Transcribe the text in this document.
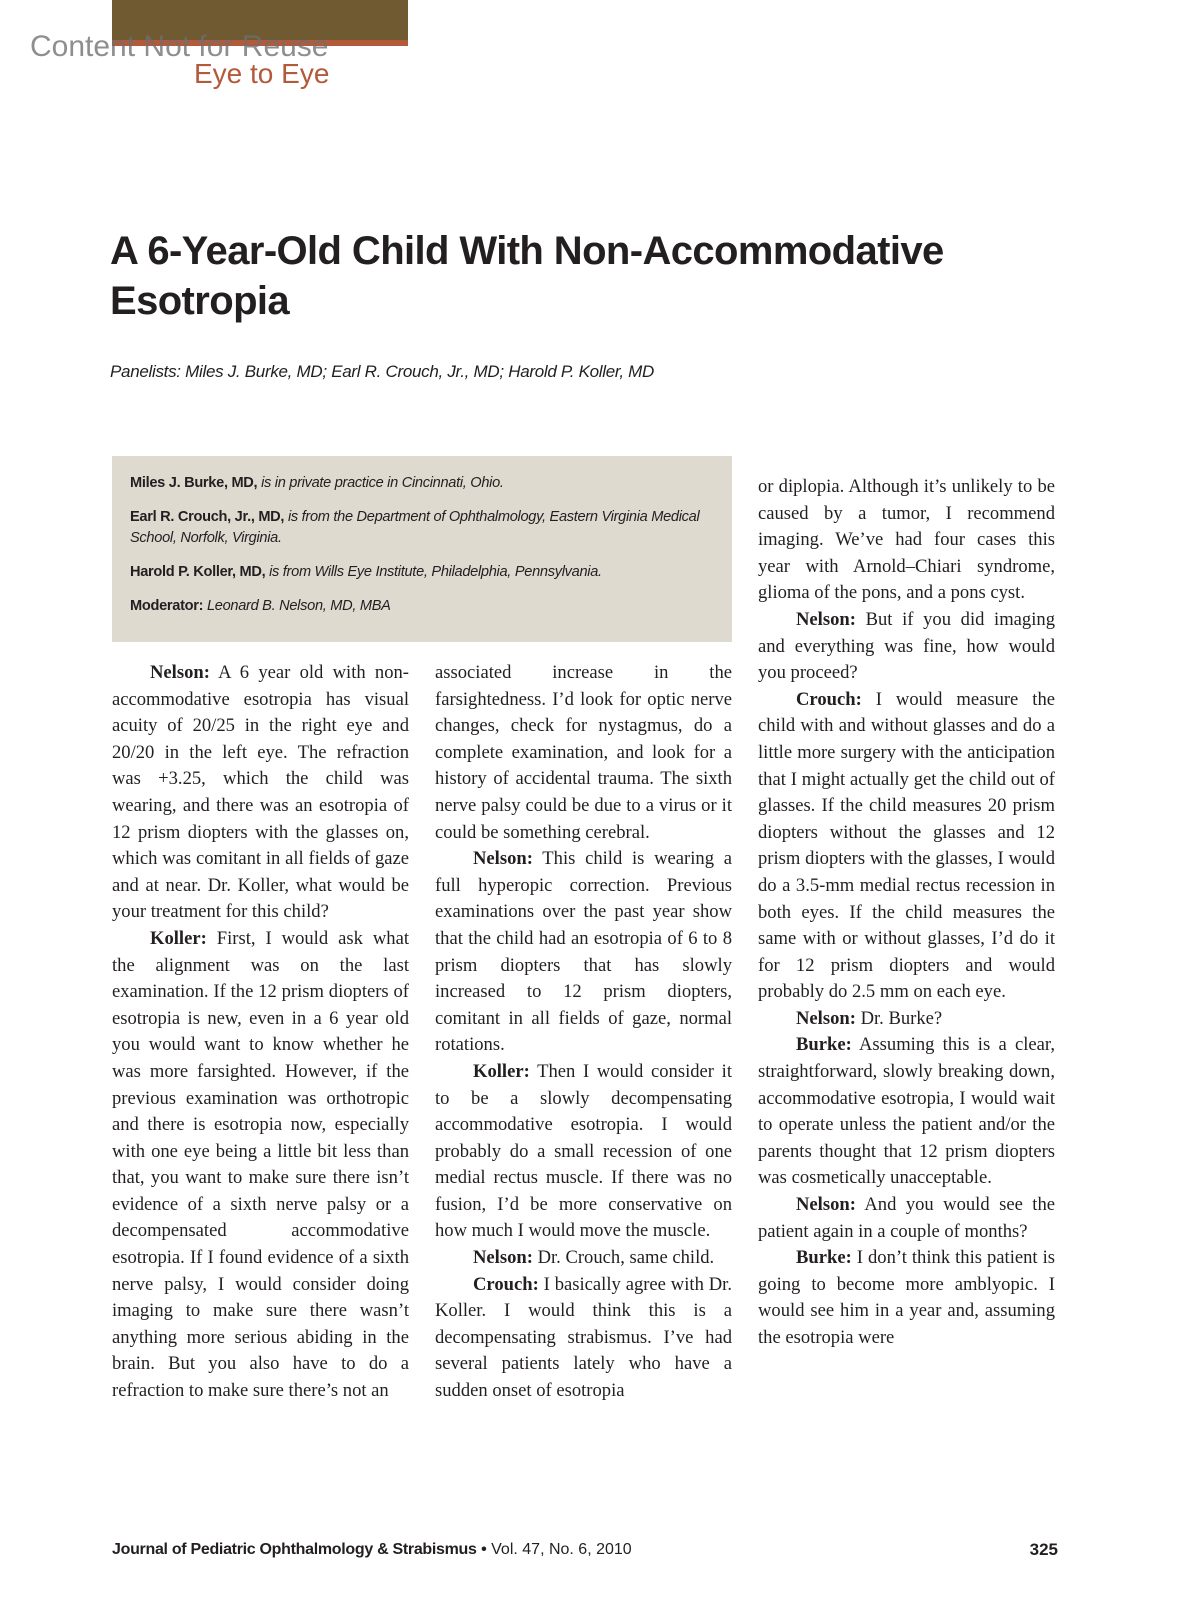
Content Not for Reuse
Eye to Eye
A 6-Year-Old Child With Non-Accommodative Esotropia

Panelists: Miles J. Burke, MD; Earl R. Crouch, Jr., MD; Harold P. Koller, MD

Miles J. Burke, MD, is in private practice in Cincinnati, Ohio.

Earl R. Crouch, Jr., MD, is from the Department of Ophthalmology, Eastern Virginia Medical School, Norfolk, Virginia.

Harold P. Koller, MD, is from Wills Eye Institute, Philadelphia, Pennsylvania.

Moderator: Leonard B. Nelson, MD, MBA

Nelson: A 6 year old with non-accommodative esotropia has visual acuity of 20/25 in the right eye and 20/20 in the left eye. The refraction was +3.25, which the child was wearing, and there was an esotropia of 12 prism diopters with the glasses on, which was comitant in all fields of gaze and at near. Dr. Koller, what would be your treatment for this child?

Koller: First, I would ask what the alignment was on the last examination. If the 12 prism diopters of esotropia is new, even in a 6 year old you would want to know whether he was more farsighted. However, if the previous examination was orthotropic and there is esotropia now, especially with one eye being a little bit less than that, you want to make sure there isn’t evidence of a sixth nerve palsy or a decompensated accommodative esotropia. If I found evidence of a sixth nerve palsy, I would consider doing imaging to make sure there wasn’t anything more serious abiding in the brain. But you also have to do a refraction to make sure there’s not an

associated increase in the farsightedness. I’d look for optic nerve changes, check for nystagmus, do a complete examination, and look for a history of accidental trauma. The sixth nerve palsy could be due to a virus or it could be something cerebral.

Nelson: This child is wearing a full hyperopic correction. Previous examinations over the past year show that the child had an esotropia of 6 to 8 prism diopters that has slowly increased to 12 prism diopters, comitant in all fields of gaze, normal rotations.

Koller: Then I would consider it to be a slowly decompensating accommodative esotropia. I would probably do a small recession of one medial rectus muscle. If there was no fusion, I’d be more conservative on how much I would move the muscle.

Nelson: Dr. Crouch, same child.

Crouch: I basically agree with Dr. Koller. I would think this is a decompensating strabismus. I’ve had several patients lately who have a sudden onset of esotropia

or diplopia. Although it’s unlikely to be caused by a tumor, I recommend imaging. We’ve had four cases this year with Arnold–Chiari syndrome, glioma of the pons, and a pons cyst.

Nelson: But if you did imaging and everything was fine, how would you proceed?

Crouch: I would measure the child with and without glasses and do a little more surgery with the anticipation that I might actually get the child out of glasses. If the child measures 20 prism diopters without the glasses and 12 prism diopters with the glasses, I would do a 3.5-mm medial rectus recession in both eyes. If the child measures the same with or without glasses, I’d do it for 12 prism diopters and would probably do 2.5 mm on each eye.

Nelson: Dr. Burke?

Burke: Assuming this is a clear, straightforward, slowly breaking down, accommodative esotropia, I would wait to operate unless the patient and/or the parents thought that 12 prism diopters was cosmetically unacceptable.

Nelson: And you would see the patient again in a couple of months?

Burke: I don’t think this patient is going to become more amblyopic. I would see him in a year and, assuming the esotropia were

Journal of Pediatric Ophthalmology & Strabismus • Vol. 47, No. 6, 2010	325
